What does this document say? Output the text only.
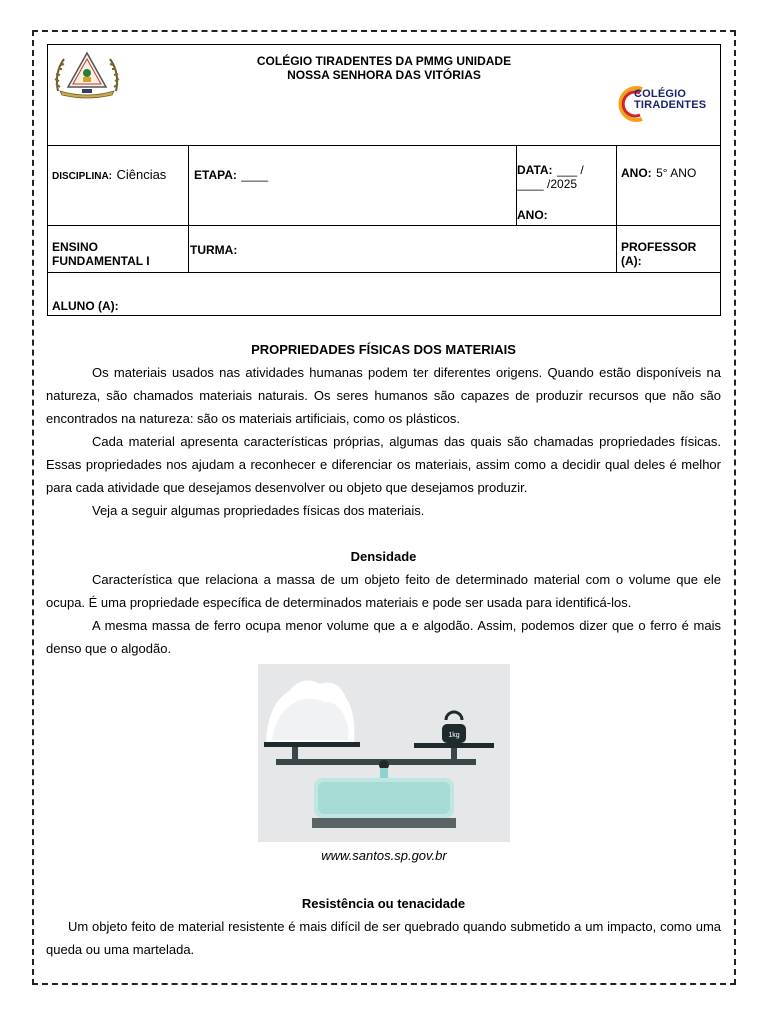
COLÉGIO TIRADENTES DA PMMG UNIDADE
NOSSA SENHORA DAS VITÓRIAS
COLÉGIO
TIRADENTES
DISCIPLINA: Ciências ETAPA: ____	DATA: ___ /
____ /2025
ANO:
ANO: 5° ANO
ENSINO
FUNDAMENTAL I
TURMA:	PROFESSOR
(A):
ALUNO (A):
PROPRIEDADES FÍSICAS DOS MATERIAIS

Os materiais usados nas atividades humanas podem ter diferentes origens. Quando estão disponíveis na natureza, são chamados materiais naturais. Os seres humanos são capazes de produzir recursos que não são encontrados na natureza: são os materiais artificiais, como os plásticos.

Cada material apresenta características próprias, algumas das quais são chamadas propriedades físicas. Essas propriedades nos ajudam a reconhecer e diferenciar os materiais, assim como a decidir qual deles é melhor para cada atividade que desejamos desenvolver ou objeto que desejamos produzir.

Veja a seguir algumas propriedades físicas dos materiais.

Densidade

Característica que relaciona a massa de um objeto feito de determinado material com o volume que ele ocupa. É uma propriedade específica de determinados materiais e pode ser usada para identificá-los.

A mesma massa de ferro ocupa menor volume que a e algodão. Assim, podemos dizer que o ferro é mais denso que o algodão.

1kg
www.santos.sp.gov.br
Resistência ou tenacidade

Um objeto feito de material resistente é mais difícil de ser quebrado quando submetido a um impacto, como uma queda ou uma martelada.
